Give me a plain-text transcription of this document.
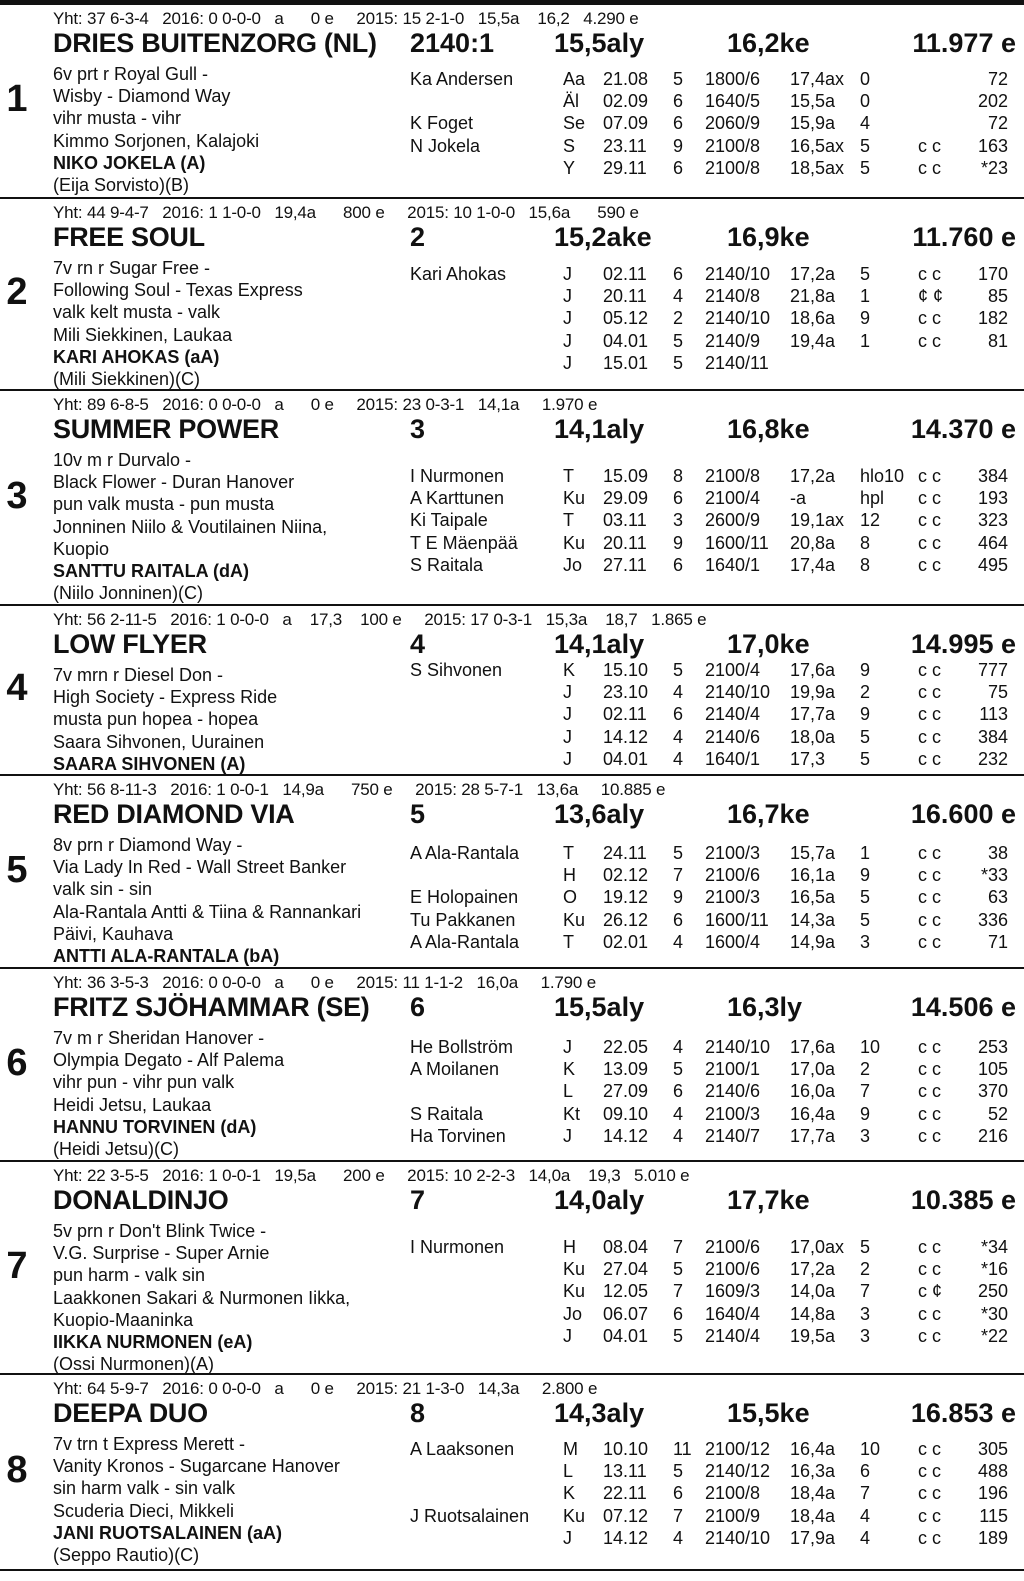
1
Yht: 37 6-3-4   2016: 0 0-0-0   a      0 e     2015: 15 2-1-0   15,5a    16,2   4.290 e
DRIES BUITENZORG (NL) 2140:1 15,5aly	16,2ke	11.977 e
6v prt r Royal Gull -
Wisby - Diamond Way
vihr musta - vihr
Kimmo Sorjonen, Kalajoki
NIKO JOKELA (A)
(Eija Sorvisto)(B)
Ka Andersen	Aa 21.08 5 1800/6 17,4ax 0	72
Äl 02.09 6 1640/5 15,5a 0	202
K Foget	Se 07.09 6 2060/9 15,9a 4	72
N Jokela	S 23.11 9 2100/8 16,5ax 5	c c 163
Y 29.11 6 2100/8 18,5ax 5	c c *23
2
Yht: 44 9-4-7   2016: 1 1-0-0   19,4a      800 e     2015: 10 1-0-0   15,6a      590 e
FREE SOUL	2	15,2ake	16,9ke	11.760 e
7v rn r Sugar Free -
Following Soul - Texas Express
valk kelt musta - valk
Mili Siekkinen, Laukaa
KARI AHOKAS (aA)
(Mili Siekkinen)(C)
Kari Ahokas	J 02.11 6 2140/10 17,2a 5	c c 170
J 20.11 4 2140/8 21,8a 1	¢ ¢ 85
J 05.12 2 2140/10 18,6a 9	c c 182
J 04.01 5 2140/9 19,4a 1	c c	81
J 15.01 5 2140/11
3
Yht: 89 6-8-5   2016: 0 0-0-0   a      0 e     2015: 23 0-3-1   14,1a     1.970 e
SUMMER POWER	3	14,1aly	16,8ke	14.370 e
10v m r Durvalo -
Black Flower - Duran Hanover
pun valk musta - pun musta
Jonninen Niilo & Voutilainen Niina,
Kuopio
SANTTU RAITALA (dA)
(Niilo Jonninen)(C)
I Nurmonen	T 15.09 8 2100/8 17,2a hlo10 c c 384
A Karttunen	Ku 29.09 6 2100/4 -a	hpl c c 193
Ki Taipale	T 03.11 3 2600/9 19,1ax 12 c c 323
T E Mäenpää	Ku 20.11 9 1600/11 20,8a 8	c c 464
S Raitala	Jo 27.11 6 1640/1 17,4a 8	c c 495
4
Yht: 56 2-11-5   2016: 1 0-0-0   a    17,3    100 e     2015: 17 0-3-1   15,3a    18,7   1.865 e
LOW FLYER	4	14,1aly	17,0ke	14.995 e
7v mrn r Diesel Don -
High Society - Express Ride
musta pun hopea - hopea
Saara Sihvonen, Uurainen
SAARA SIHVONEN (A)
S Sihvonen	K 15.10 5 2100/4 17,6a 9	c c 777
J 23.10 4 2140/10 19,9a 2	c c	75
J 02.11 6 2140/4 17,7a 9	c c 113
J 14.12 4 2140/6 18,0a 5	c c 384
J 04.01 4 1640/1 17,3 5	c c 232
5
Yht: 56 8-11-3   2016: 1 0-0-1   14,9a      750 e     2015: 28 5-7-1   13,6a     10.885 e
RED DIAMOND VIA	5	13,6aly	16,7ke	16.600 e
8v prn r Diamond Way -
Via Lady In Red - Wall Street Banker
valk sin - sin
Ala-Rantala Antti & Tiina & Rannankari
Päivi, Kauhava
ANTTI ALA-RANTALA (bA)
A Ala-Rantala T 24.11 5 2100/3 15,7a 1	c c	38
H 02.12 7 2100/6 16,1a 9	c c *33
E Holopainen O 19.12 9 2100/3 16,5a 5	c c	63
Tu Pakkanen	Ku 26.12 6 1600/11 14,3a 5	c c 336
A Ala-Rantala T 02.01 4 1600/4 14,9a 3	c c	71
6
Yht: 36 3-5-3   2016: 0 0-0-0   a      0 e     2015: 11 1-1-2   16,0a     1.790 e
FRITZ SJÖHAMMAR (SE) 6	15,5aly	16,3ly	14.506 e
7v m r Sheridan Hanover -
Olympia Degato - Alf Palema
vihr pun - vihr pun valk
Heidi Jetsu, Laukaa
HANNU TORVINEN (dA)
(Heidi Jetsu)(C)
He Bollström	J 22.05 4 2140/10 17,6a 10 c c 253
A Moilanen	K 13.09 5 2100/1 17,0a 2	c c 105
L 27.09 6 2140/6 16,0a 7	c c 370
S Raitala	Kt 09.10 4 2100/3 16,4a 9	c c	52
Ha Torvinen	J 14.12 4 2140/7 17,7a 3	c c 216
7
Yht: 22 3-5-5   2016: 1 0-0-1   19,5a      200 e     2015: 10 2-2-3   14,0a    19,3   5.010 e
DONALDINJO	7	14,0aly	17,7ke	10.385 e
5v prn r Don't Blink Twice -
V.G. Surprise - Super Arnie
pun harm - valk sin
Laakkonen Sakari & Nurmonen Iikka,
Kuopio-Maaninka
IIKKA NURMONEN (eA)
(Ossi Nurmonen)(A)
I Nurmonen	H 08.04 7 2100/6 17,0ax 5	c c *34
Ku 27.04 5 2100/6 17,2a 2	c c *16
Ku 12.05 7 1609/3 14,0a 7	c ¢ 250
Jo 06.07 6 1640/4 14,8a 3	c c *30
J 04.01 5 2140/4 19,5a 3	c c *22
8
Yht: 64 5-9-7   2016: 0 0-0-0   a      0 e     2015: 21 1-3-0   14,3a     2.800 e
DEEPA DUO	8	14,3aly	15,5ke	16.853 e
7v trn t Express Merett -
Vanity Kronos - Sugarcane Hanover
sin harm valk - sin valk
Scuderia Dieci, Mikkeli
JANI RUOTSALAINEN (aA)
(Seppo Rautio)(C)
A Laaksonen	M 10.10 11 2100/12 16,4a 10 c c 305
L 13.11 5 2140/12 16,3a 6	c c 488
K 22.11 6 2100/8 18,4a 7	c c 196
J Ruotsalainen Ku 07.12 7 2100/9 18,4a 4	c c 115
J 14.12 4 2140/10 17,9a 4	c c 189
